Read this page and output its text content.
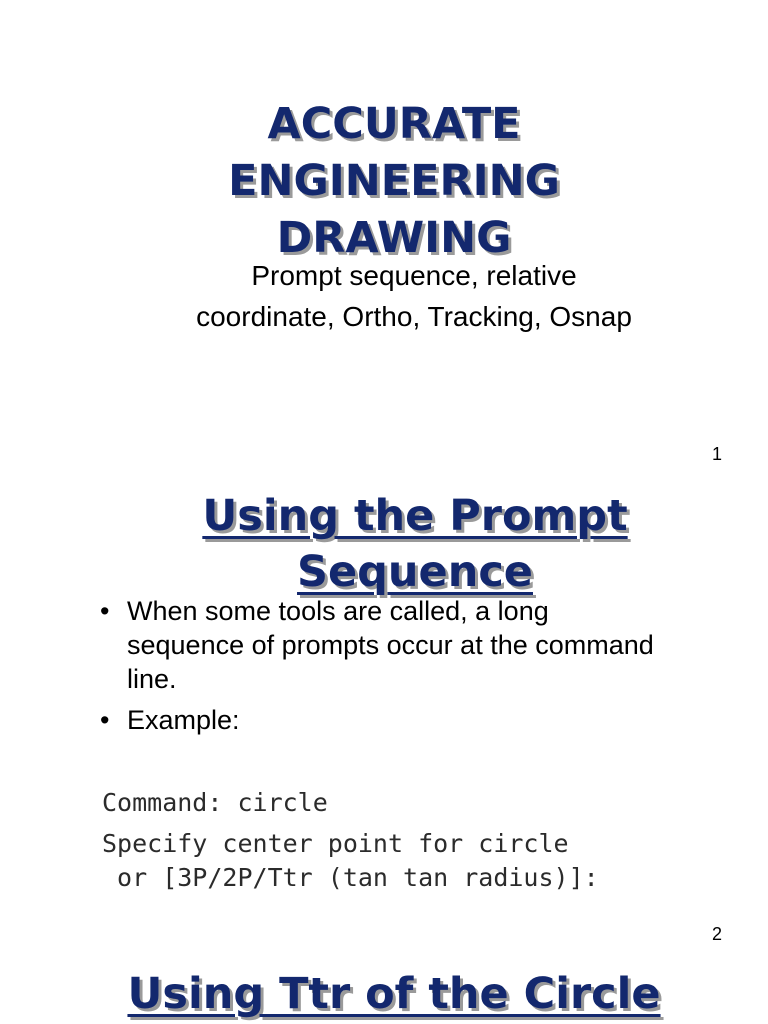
ACCURATE
ENGINEERING
DRAWING
Prompt sequence, relative coordinate, Ortho, Tracking, Osnap
1
Using the Prompt Sequence
• When some tools are called, a long sequence of prompts occur at the command line.
• Example:
Command: circle
Specify center point for circle
or [3P/2P/Ttr (tan tan radius)]:
2
Using Ttr of the Circle
